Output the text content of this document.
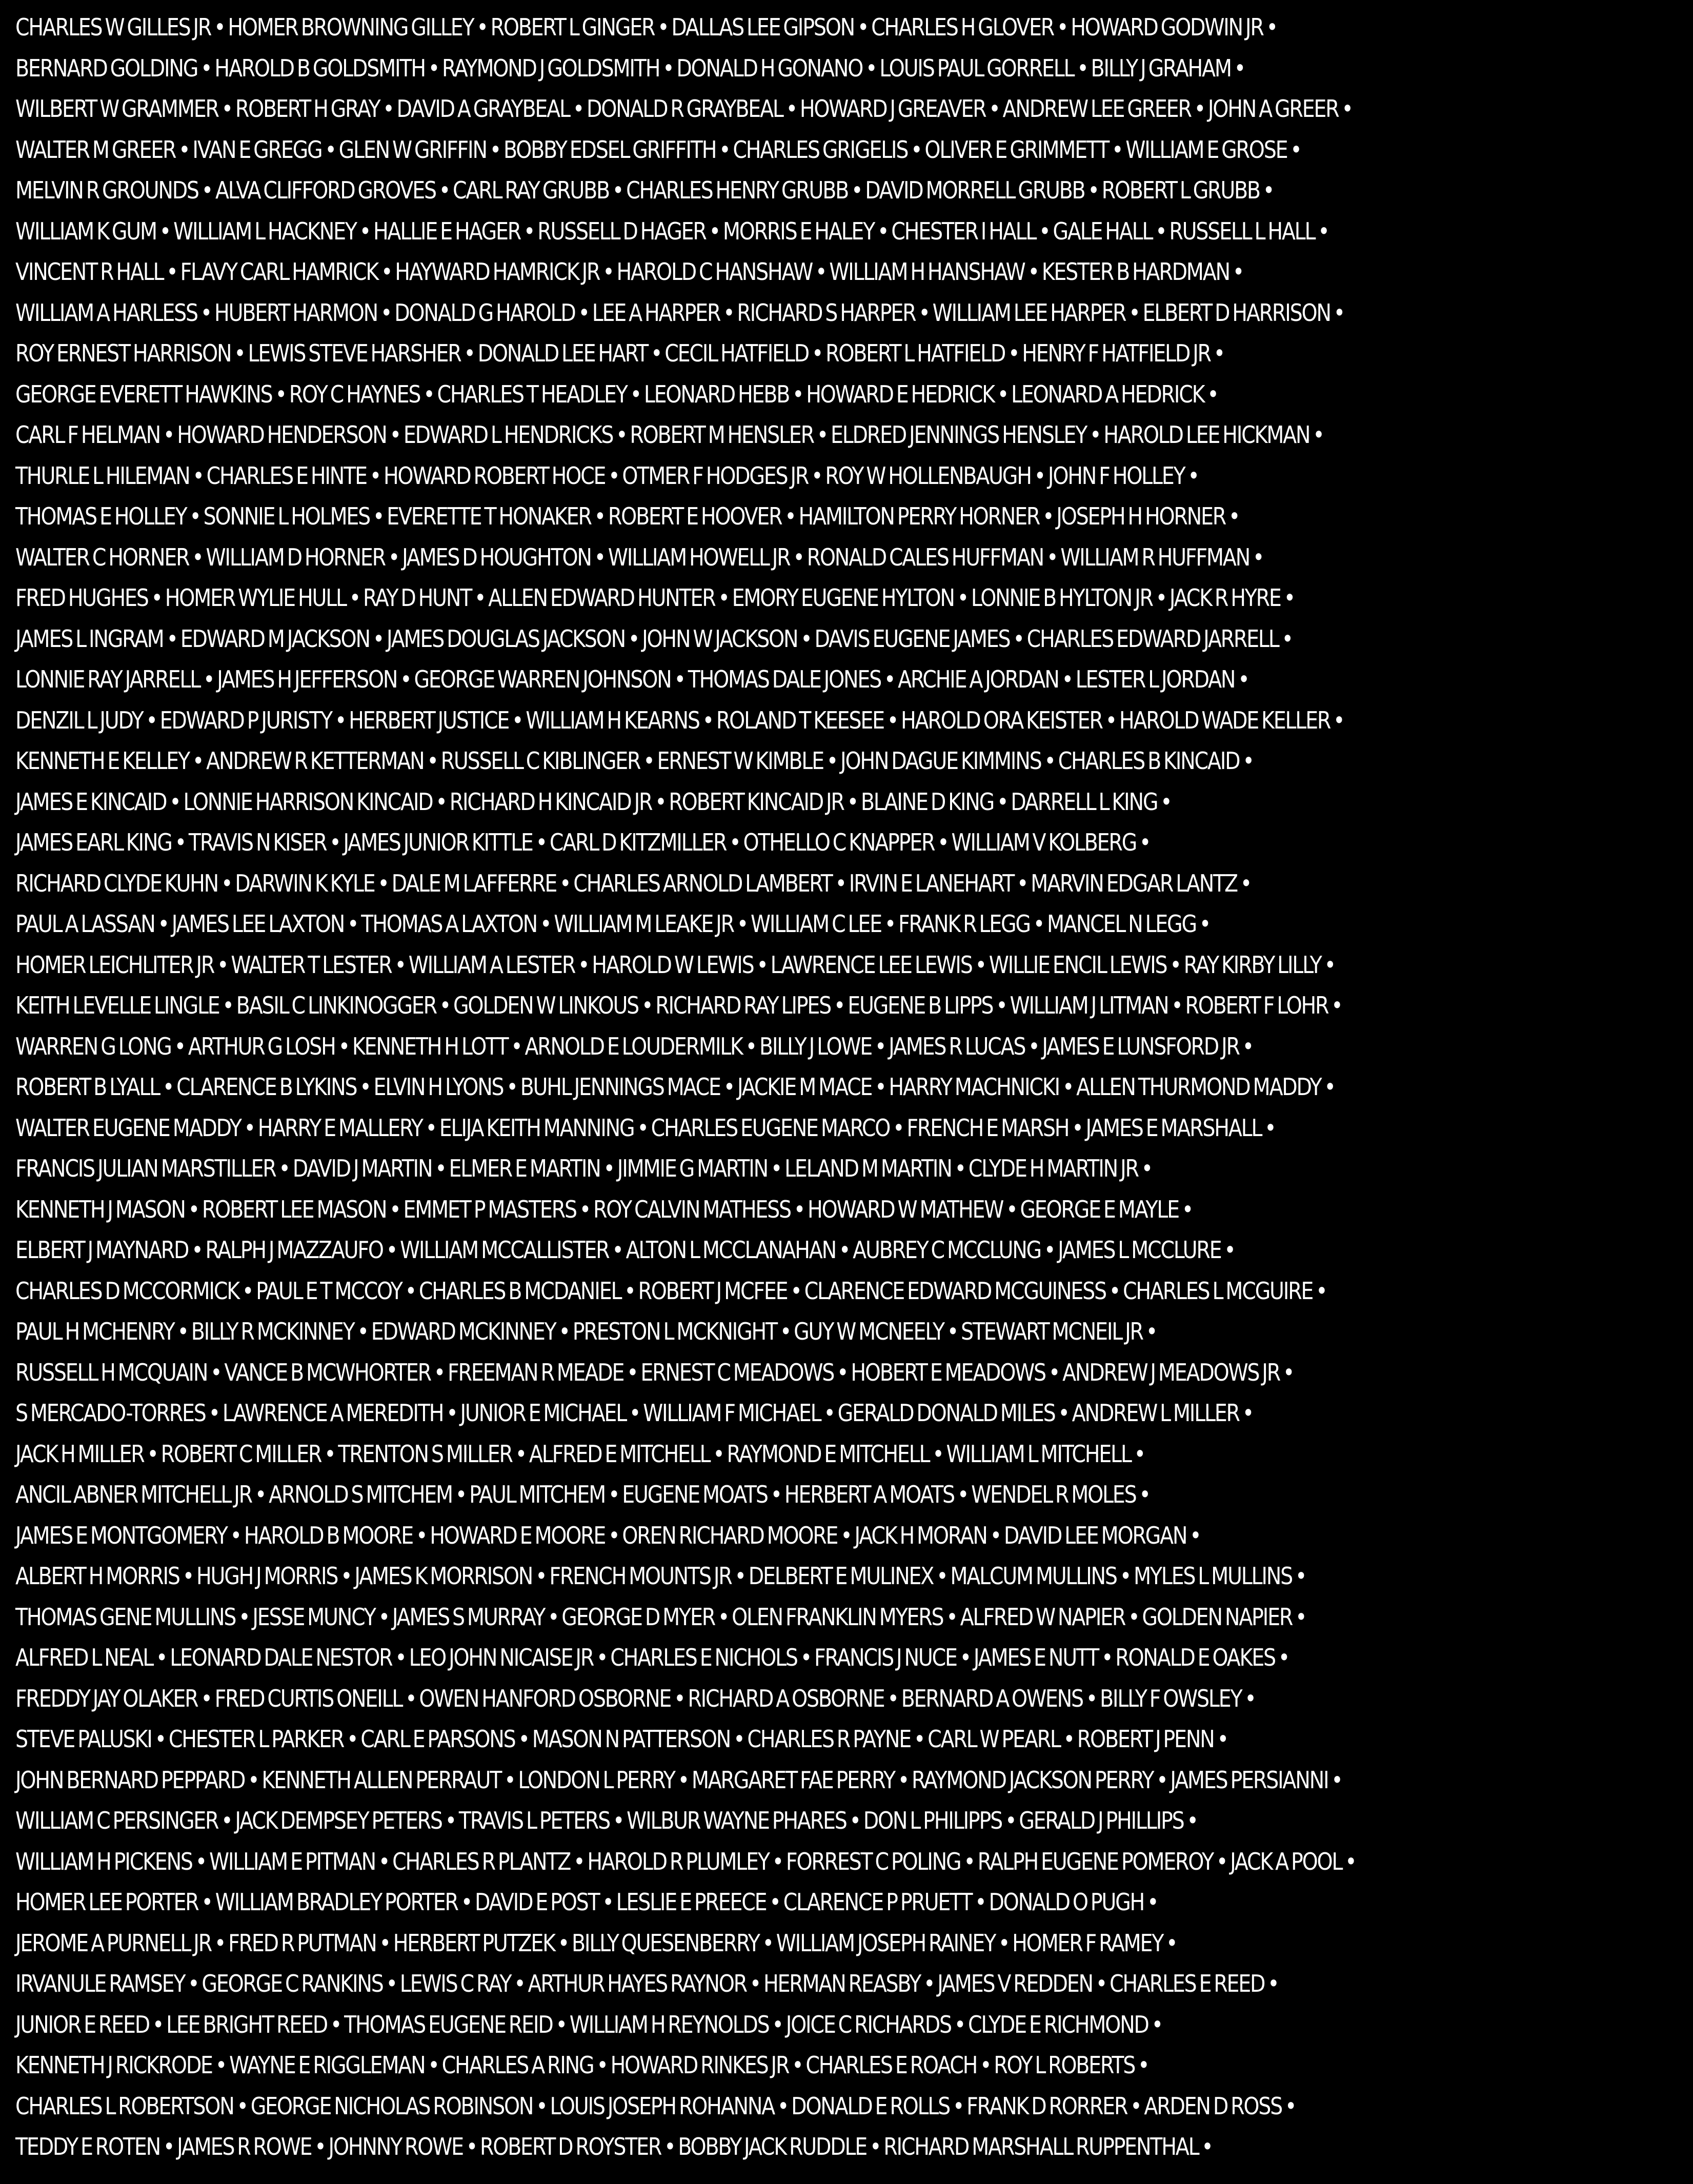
CHARLES W GILLES JR • HOMER BROWNING GILLEY • ROBERT L GINGER • DALLAS LEE GIPSON • CHARLES H GLOVER • HOWARD GODWIN JR •
BERNARD GOLDING • HAROLD B GOLDSMITH • RAYMOND J GOLDSMITH • DONALD H GONANO • LOUIS PAUL GORRELL • BILLY J GRAHAM •
WILBERT W GRAMMER • ROBERT H GRAY • DAVID A GRAYBEAL • DONALD R GRAYBEAL • HOWARD J GREAVER • ANDREW LEE GREER • JOHN A GREER •
WALTER M GREER • IVAN E GREGG • GLEN W GRIFFIN • BOBBY EDSEL GRIFFITH • CHARLES GRIGELIS • OLIVER E GRIMMETT • WILLIAM E GROSE •
MELVIN R GROUNDS • ALVA CLIFFORD GROVES • CARL RAY GRUBB • CHARLES HENRY GRUBB • DAVID MORRELL GRUBB • ROBERT L GRUBB •
WILLIAM K GUM • WILLIAM L HACKNEY • HALLIE E HAGER • RUSSELL D HAGER • MORRIS E HALEY • CHESTER I HALL • GALE HALL • RUSSELL L HALL •
VINCENT R HALL • FLAVY CARL HAMRICK • HAYWARD HAMRICK JR • HAROLD C HANSHAW • WILLIAM H HANSHAW • KESTER B HARDMAN •
WILLIAM A HARLESS • HUBERT HARMON • DONALD G HAROLD • LEE A HARPER • RICHARD S HARPER • WILLIAM LEE HARPER • ELBERT D HARRISON •
ROY ERNEST HARRISON • LEWIS STEVE HARSHER • DONALD LEE HART • CECIL HATFIELD • ROBERT L HATFIELD • HENRY F HATFIELD JR •
GEORGE EVERETT HAWKINS • ROY C HAYNES • CHARLES T HEADLEY • LEONARD HEBB • HOWARD E HEDRICK • LEONARD A HEDRICK •
CARL F HELMAN • HOWARD HENDERSON • EDWARD L HENDRICKS • ROBERT M HENSLER • ELDRED JENNINGS HENSLEY • HAROLD LEE HICKMAN •
THURLE L HILEMAN • CHARLES E HINTE • HOWARD ROBERT HOCE • OTMER F HODGES JR • ROY W HOLLENBAUGH • JOHN F HOLLEY •
THOMAS E HOLLEY • SONNIE L HOLMES • EVERETTE T HONAKER • ROBERT E HOOVER • HAMILTON PERRY HORNER • JOSEPH H HORNER •
WALTER C HORNER • WILLIAM D HORNER • JAMES D HOUGHTON • WILLIAM HOWELL JR • RONALD CALES HUFFMAN • WILLIAM R HUFFMAN •
FRED HUGHES • HOMER WYLIE HULL • RAY D HUNT • ALLEN EDWARD HUNTER • EMORY EUGENE HYLTON • LONNIE B HYLTON JR • JACK R HYRE •
JAMES L INGRAM • EDWARD M JACKSON • JAMES DOUGLAS JACKSON • JOHN W JACKSON • DAVIS EUGENE JAMES • CHARLES EDWARD JARRELL •
LONNIE RAY JARRELL • JAMES H JEFFERSON • GEORGE WARREN JOHNSON • THOMAS DALE JONES • ARCHIE A JORDAN • LESTER L JORDAN •
DENZIL L JUDY • EDWARD P JURISTY • HERBERT JUSTICE • WILLIAM H KEARNS • ROLAND T KEESEE • HAROLD ORA KEISTER • HAROLD WADE KELLER •
KENNETH E KELLEY • ANDREW R KETTERMAN • RUSSELL C KIBLINGER • ERNEST W KIMBLE • JOHN DAGUE KIMMINS • CHARLES B KINCAID •
JAMES E KINCAID • LONNIE HARRISON KINCAID • RICHARD H KINCAID JR • ROBERT KINCAID JR • BLAINE D KING • DARRELL L KING •
JAMES EARL KING • TRAVIS N KISER • JAMES JUNIOR KITTLE • CARL D KITZMILLER • OTHELLO C KNAPPER • WILLIAM V KOLBERG •
RICHARD CLYDE KUHN • DARWIN K KYLE • DALE M LAFFERRE • CHARLES ARNOLD LAMBERT • IRVIN E LANEHART • MARVIN EDGAR LANTZ •
PAUL A LASSAN • JAMES LEE LAXTON • THOMAS A LAXTON • WILLIAM M LEAKE JR • WILLIAM C LEE • FRANK R LEGG • MANCEL N LEGG •
HOMER LEICHLITER JR • WALTER T LESTER • WILLIAM A LESTER • HAROLD W LEWIS • LAWRENCE LEE LEWIS • WILLIE ENCIL LEWIS • RAY KIRBY LILLY •
KEITH LEVELLE LINGLE • BASIL C LINKINOGGER • GOLDEN W LINKOUS • RICHARD RAY LIPES • EUGENE B LIPPS • WILLIAM J LITMAN • ROBERT F LOHR •
WARREN G LONG • ARTHUR G LOSH • KENNETH H LOTT • ARNOLD E LOUDERMILK • BILLY J LOWE • JAMES R LUCAS • JAMES E LUNSFORD JR •
ROBERT B LYALL • CLARENCE B LYKINS • ELVIN H LYONS • BUHL JENNINGS MACE • JACKIE M MACE • HARRY MACHNICKI • ALLEN THURMOND MADDY •
WALTER EUGENE MADDY • HARRY E MALLERY • ELIJA KEITH MANNING • CHARLES EUGENE MARCO • FRENCH E MARSH • JAMES E MARSHALL •
FRANCIS JULIAN MARSTILLER • DAVID J MARTIN • ELMER E MARTIN • JIMMIE G MARTIN • LELAND M MARTIN • CLYDE H MARTIN JR •
KENNETH J MASON • ROBERT LEE MASON • EMMET P MASTERS • ROY CALVIN MATHESS • HOWARD W MATHEW • GEORGE E MAYLE •
ELBERT J MAYNARD • RALPH J MAZZAUFO • WILLIAM MCCALLISTER • ALTON L MCCLANAHAN • AUBREY C MCCLUNG • JAMES L MCCLURE •
CHARLES D MCCORMICK • PAUL E T MCCOY • CHARLES B MCDANIEL • ROBERT J MCFEE • CLARENCE EDWARD MCGUINESS • CHARLES L MCGUIRE •
PAUL H MCHENRY • BILLY R MCKINNEY • EDWARD MCKINNEY • PRESTON L MCKNIGHT • GUY W MCNEELY • STEWART MCNEIL JR •
RUSSELL H MCQUAIN • VANCE B MCWHORTER • FREEMAN R MEADE • ERNEST C MEADOWS • HOBERT E MEADOWS • ANDREW J MEADOWS JR •
S MERCADO-TORRES • LAWRENCE A MEREDITH • JUNIOR E MICHAEL • WILLIAM F MICHAEL • GERALD DONALD MILES • ANDREW L MILLER •
JACK H MILLER • ROBERT C MILLER • TRENTON S MILLER • ALFRED E MITCHELL • RAYMOND E MITCHELL • WILLIAM L MITCHELL •
ANCIL ABNER MITCHELL JR • ARNOLD S MITCHEM • PAUL MITCHEM • EUGENE MOATS • HERBERT A MOATS • WENDEL R MOLES •
JAMES E MONTGOMERY • HAROLD B MOORE • HOWARD E MOORE • OREN RICHARD MOORE • JACK H MORAN • DAVID LEE MORGAN •
ALBERT H MORRIS • HUGH J MORRIS • JAMES K MORRISON • FRENCH MOUNTS JR • DELBERT E MULINEX • MALCUM MULLINS • MYLES L MULLINS •
THOMAS GENE MULLINS • JESSE MUNCY • JAMES S MURRAY • GEORGE D MYER • OLEN FRANKLIN MYERS • ALFRED W NAPIER • GOLDEN NAPIER •
ALFRED L NEAL • LEONARD DALE NESTOR • LEO JOHN NICAISE JR • CHARLES E NICHOLS • FRANCIS J NUCE • JAMES E NUTT • RONALD E OAKES •
FREDDY JAY OLAKER • FRED CURTIS ONEILL • OWEN HANFORD OSBORNE • RICHARD A OSBORNE • BERNARD A OWENS • BILLY F OWSLEY •
STEVE PALUSKI • CHESTER L PARKER • CARL E PARSONS • MASON N PATTERSON • CHARLES R PAYNE • CARL W PEARL • ROBERT J PENN •
JOHN BERNARD PEPPARD • KENNETH ALLEN PERRAUT • LONDON L PERRY • MARGARET FAE PERRY • RAYMOND JACKSON PERRY • JAMES PERSIANNI •
WILLIAM C PERSINGER • JACK DEMPSEY PETERS • TRAVIS L PETERS • WILBUR WAYNE PHARES • DON L PHILIPPS • GERALD J PHILLIPS •
WILLIAM H PICKENS • WILLIAM E PITMAN • CHARLES R PLANTZ • HAROLD R PLUMLEY • FORREST C POLING • RALPH EUGENE POMEROY • JACK A POOL •
HOMER LEE PORTER • WILLIAM BRADLEY PORTER • DAVID E POST • LESLIE E PREECE • CLARENCE P PRUETT • DONALD O PUGH •
JEROME A PURNELL JR • FRED R PUTMAN • HERBERT PUTZEK • BILLY QUESENBERRY • WILLIAM JOSEPH RAINEY • HOMER F RAMEY •
IRVANULE RAMSEY • GEORGE C RANKINS • LEWIS C RAY • ARTHUR HAYES RAYNOR • HERMAN REASBY • JAMES V REDDEN • CHARLES E REED •
JUNIOR E REED • LEE BRIGHT REED • THOMAS EUGENE REID • WILLIAM H REYNOLDS • JOICE C RICHARDS • CLYDE E RICHMOND •
KENNETH J RICKRODE • WAYNE E RIGGLEMAN • CHARLES A RING • HOWARD RINKES JR • CHARLES E ROACH • ROY L ROBERTS •
CHARLES L ROBERTSON • GEORGE NICHOLAS ROBINSON • LOUIS JOSEPH ROHANNA • DONALD E ROLLS • FRANK D RORRER • ARDEN D ROSS •
TEDDY E ROTEN • JAMES R ROWE • JOHNNY ROWE • ROBERT D ROYSTER • BOBBY JACK RUDDLE • RICHARD MARSHALL RUPPENTHAL •
